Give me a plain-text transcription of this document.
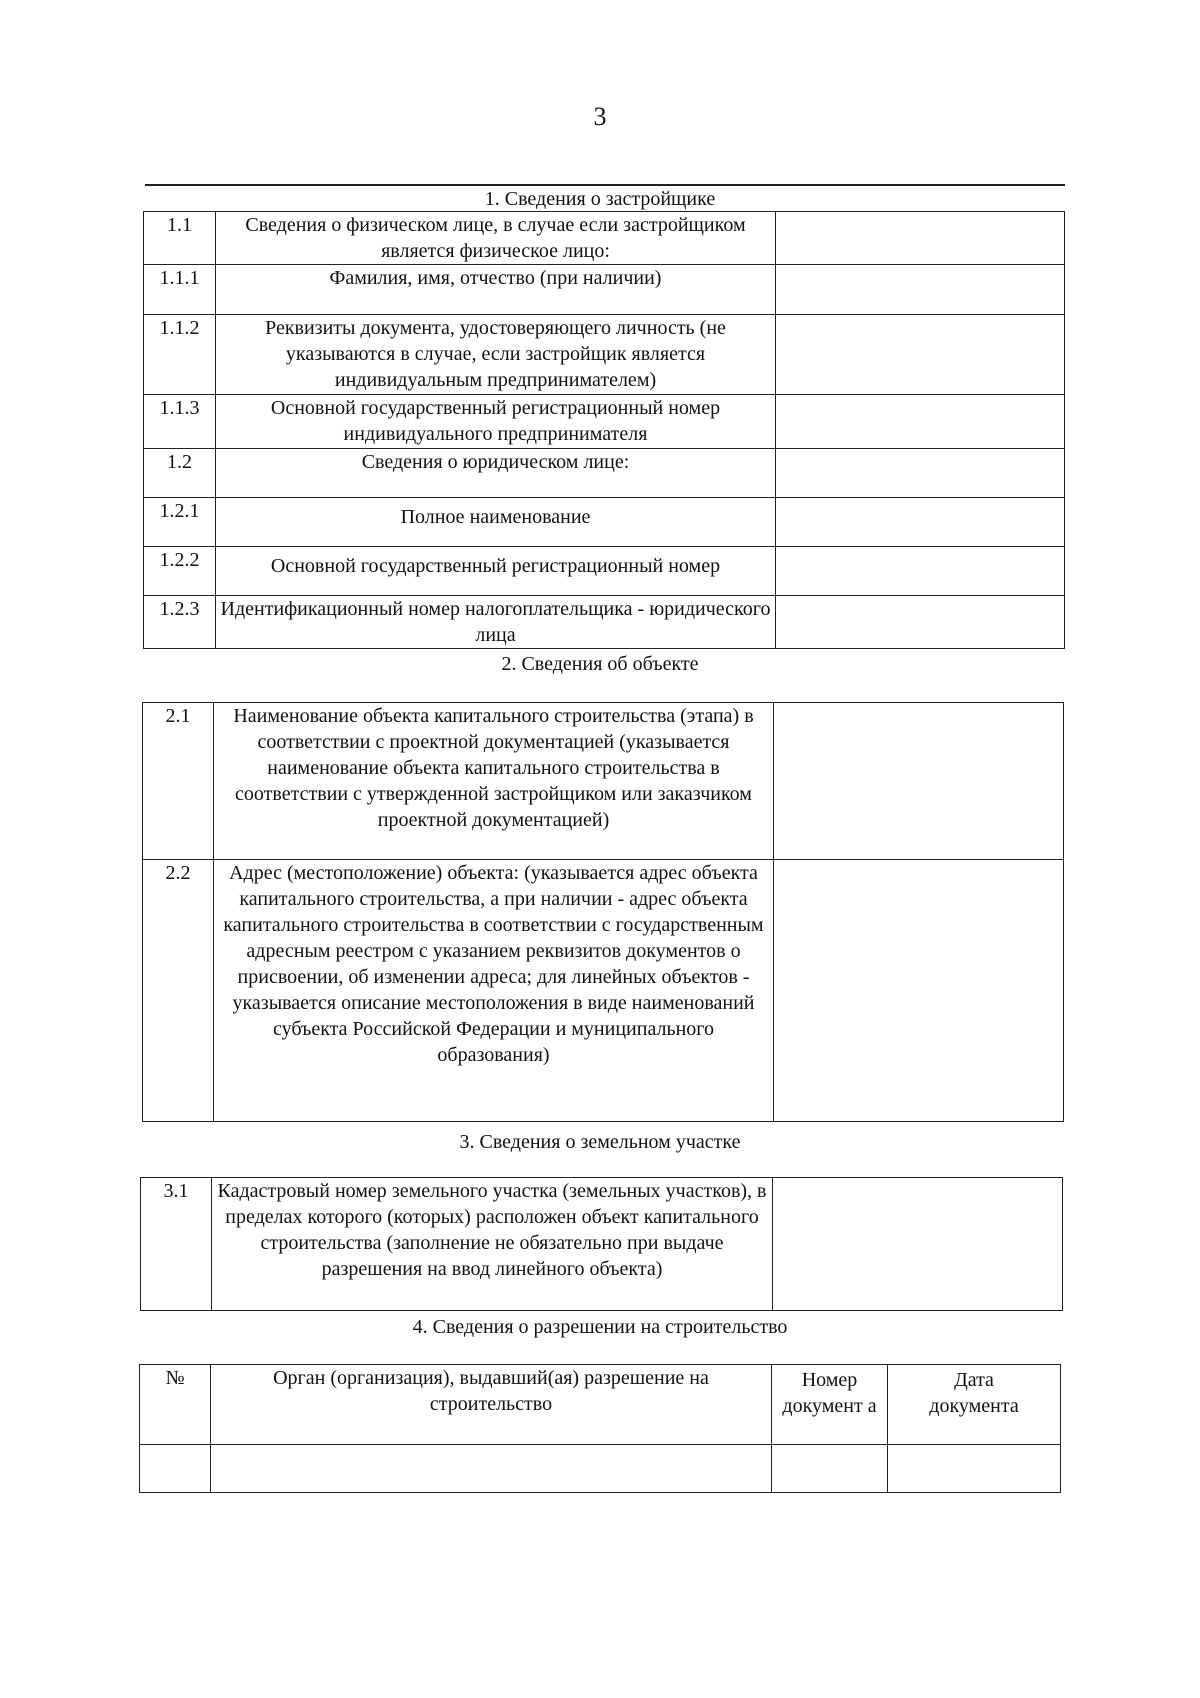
3
1. Сведения о застройщике
1.1	Сведения о физическом лице, в случае если застройщиком является физическое лицо:	
1.1.1	Фамилия, имя, отчество (при наличии)	
1.1.2	Реквизиты документа, удостоверяющего личность (не указываются в случае, если застройщик является индивидуальным предпринимателем)	
1.1.3	Основной государственный регистрационный номер индивидуального предпринимателя	
1.2	Сведения о юридическом лице:	
1.2.1	Полное наименование	
1.2.2	Основной государственный регистрационный номер	
1.2.3	Идентификационный номер налогоплательщика - юридического лица	
2. Сведения об объекте
2.1	Наименование объекта капитального строительства (этапа) в соответствии с проектной документацией (указывается наименование объекта капитального строительства в соответствии с утвержденной застройщиком или заказчиком проектной документацией)	
2.2	Адрес (местоположение) объекта: (указывается адрес объекта капитального строительства, а при наличии - адрес объекта капитального строительства в соответствии с государственным адресным реестром с указанием реквизитов документов о присвоении, об изменении адреса; для линейных объектов - указывается описание местоположения в виде наименований субъекта Российской Федерации и муниципального образования)	
3. Сведения о земельном участке
3.1	Кадастровый номер земельного участка (земельных участков), в пределах которого (которых) расположен объект капитального строительства (заполнение не обязательно при выдаче разрешения на ввод линейного объекта)	
4. Сведения о разрешении на строительство
№	Орган (организация), выдавший(ая) разрешение на строительство	Номер документ а	Дата документа
